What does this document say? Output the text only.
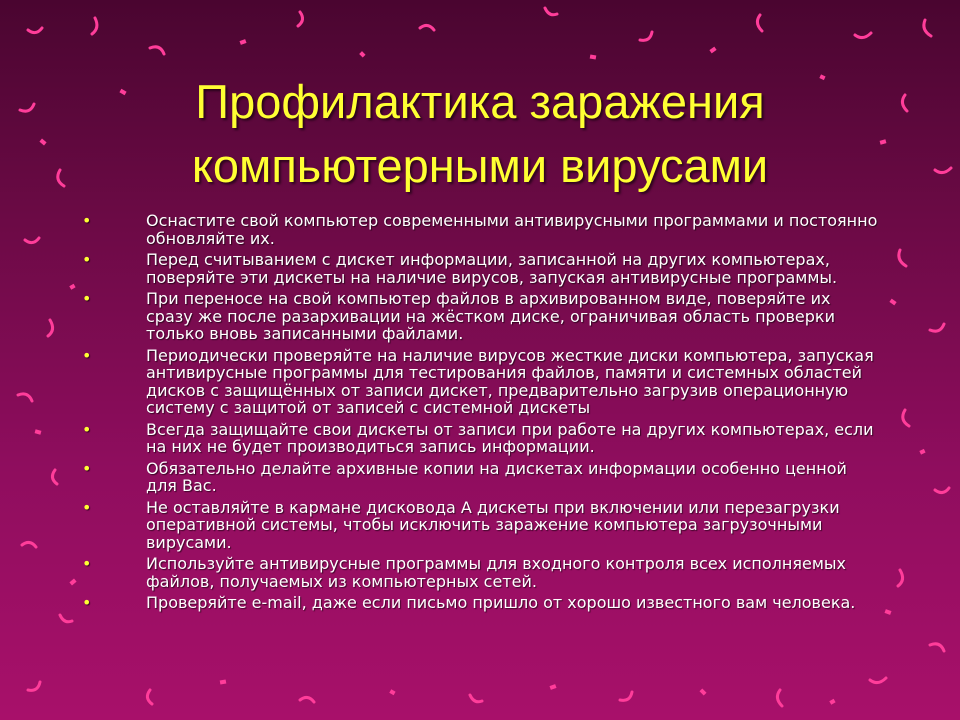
Профилактика заражения
компьютерными вирусами
•	Оснастите свой компьютер современными антивирусными программами и постоянно обновляйте их.
•	Перед считыванием с дискет информации, записанной на других компьютерах, поверяйте эти дискеты на наличие вирусов, запуская антивирусные программы.
•	При переносе на свой компьютер файлов в архивированном виде, поверяйте их сразу же после разархивации на жёстком диске, ограничивая область проверки только вновь записанными файлами.
•	Периодически проверяйте на наличие вирусов жесткие диски компьютера, запуская антивирусные программы для тестирования файлов, памяти и системных областей дисков с защищённых от записи дискет, предварительно загрузив операционную систему с защитой от записей с системной дискеты
•	Всегда защищайте свои дискеты от записи при работе на других компьютерах, если на них не будет производиться запись информации.
•	Обязательно делайте архивные копии на дискетах информации особенно ценной для Вас.
•	Не оставляйте в кармане дисковода А дискеты при включении или перезагрузки оперативной системы, чтобы исключить заражение компьютера загрузочными вирусами.
•	Используйте антивирусные программы для входного контроля всех исполняемых файлов, получаемых из компьютерных сетей.
•	Проверяйте e-mail, даже если письмо пришло от хорошо известного вам человека.
